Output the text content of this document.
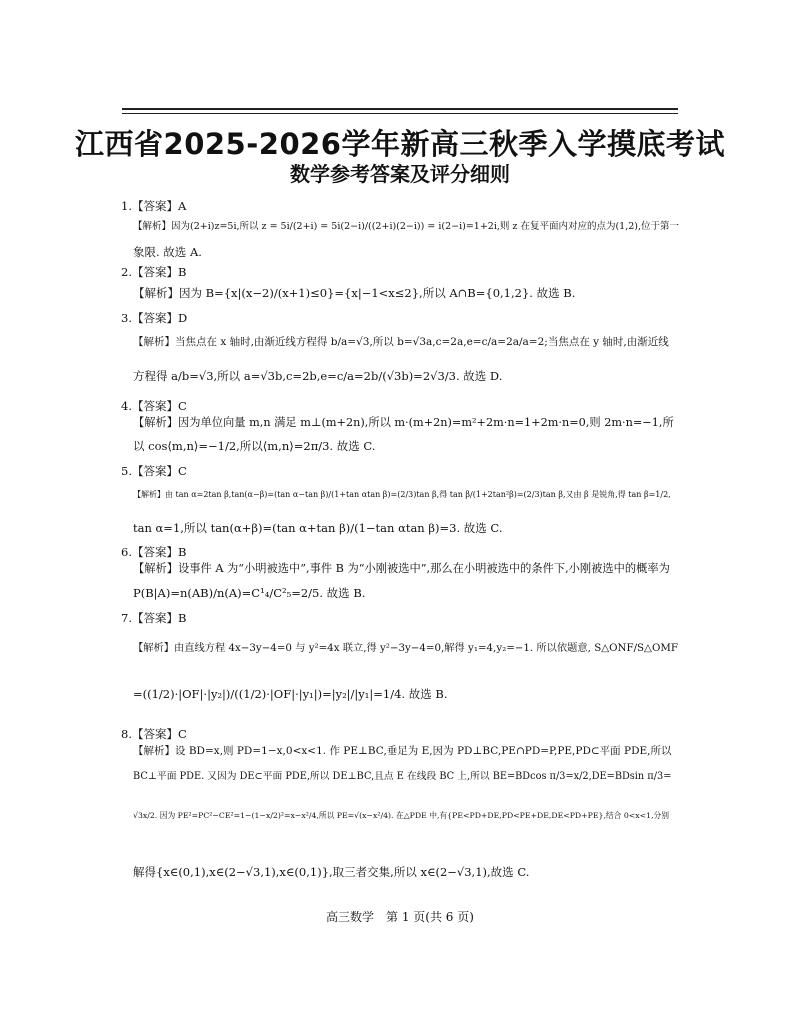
江西省2025-2026学年新高三秋季入学摸底考试
数学参考答案及评分细则
1.【答案】A
【解析】因为(2+i)z=5i,所以 z = 5i/(2+i) = 5i(2−i)/((2+i)(2−i)) = i(2−i)=1+2i,则 z 在复平面内对应的点为(1,2),位于第一
象限. 故选 A.
2.【答案】B
【解析】因为 B={x|(x−2)/(x+1)≤0}={x|−1<x≤2},所以 A∩B={0,1,2}. 故选 B.
3.【答案】D
【解析】当焦点在 x 轴时,由渐近线方程得 b/a=√3,所以 b=√3a,c=2a,e=c/a=2a/a=2;当焦点在 y 轴时,由渐近线
方程得 a/b=√3,所以 a=√3b,c=2b,e=c/a=2b/(√3b)=2√3/3. 故选 D.
4.【答案】C
【解析】因为单位向量 m,n 满足 m⊥(m+2n),所以 m·(m+2n)=m²+2m·n=1+2m·n=0,则 2m·n=−1,所
以 cos⟨m,n⟩=−1/2,所以⟨m,n⟩=2π/3. 故选 C.
5.【答案】C
【解析】由 tan α=2tan β,tan(α−β)=(tan α−tan β)/(1+tan αtan β)=(2/3)tan β,得 tan β/(1+2tan²β)=(2/3)tan β,又由 β 是锐角,得 tan β=1/2,
tan α=1,所以 tan(α+β)=(tan α+tan β)/(1−tan αtan β)=3. 故选 C.
6.【答案】B
【解析】设事件 A 为“小明被选中”,事件 B 为“小刚被选中”,那么在小明被选中的条件下,小刚被选中的概率为
P(B|A)=n(AB)/n(A)=C¹₄/C²₅=2/5. 故选 B.
7.【答案】B
【解析】由直线方程 4x−3y−4=0 与 y²=4x 联立,得 y²−3y−4=0,解得 y₁=4,y₂=−1. 所以依题意, S△ONF/S△OMF
=((1/2)·|OF|·|y₂|)/((1/2)·|OF|·|y₁|)=|y₂|/|y₁|=1/4. 故选 B.
8.【答案】C
【解析】设 BD=x,则 PD=1−x,0<x<1. 作 PE⊥BC,垂足为 E,因为 PD⊥BC,PE∩PD=P,PE,PD⊂平面 PDE,所以
BC⊥平面 PDE. 又因为 DE⊂平面 PDE,所以 DE⊥BC,且点 E 在线段 BC 上,所以 BE=BDcos π/3=x/2,DE=BDsin π/3=
√3x/2. 因为 PE²=PC²−CE²=1−(1−x/2)²=x−x²/4,所以 PE=√(x−x²/4). 在△PDE 中,有{PE<PD+DE,PD<PE+DE,DE<PD+PE},结合 0<x<1,分别
解得{x∈(0,1),x∈(2−√3,1),x∈(0,1)},取三者交集,所以 x∈(2−√3,1),故选 C.
高三数学　第 1 页(共 6 页)
